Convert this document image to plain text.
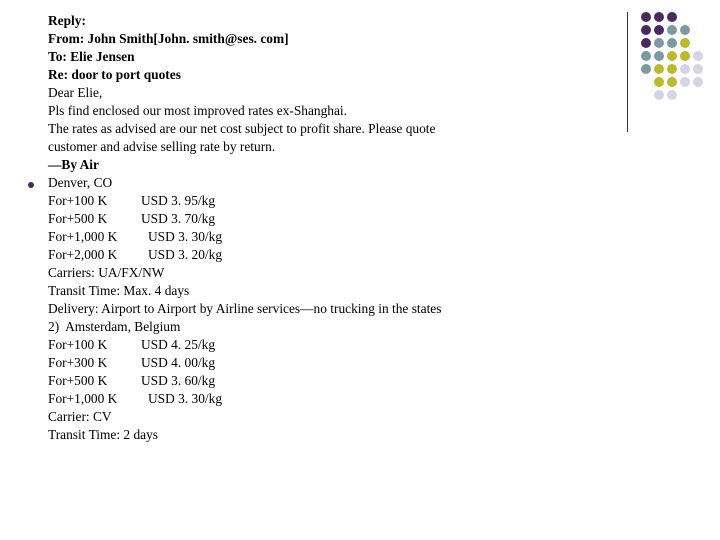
Reply:
From: John Smith[John. smith@ses. com]
To: Elie Jensen
Re: door to port quotes
Dear Elie,
Pls find enclosed our most improved rates ex-Shanghai.
The rates as advised are our net cost subject to profit share. Please quote
customer and advise selling rate by return.
—By Air
Denver, CO
For+100 K	USD 3. 95/kg
For+500 K	USD 3. 70/kg
For+1,000 K USD 3. 30/kg
For+2,000 K USD 3. 20/kg
Carriers: UA/FX/NW
Transit Time: Max. 4 days
Delivery: Airport to Airport by Airline services—no trucking in the states
2)  Amsterdam, Belgium
For+100 K	USD 4. 25/kg
For+300 K	USD 4. 00/kg
For+500 K	USD 3. 60/kg
For+1,000 K USD 3. 30/kg
Carrier: CV
Transit Time: 2 days
